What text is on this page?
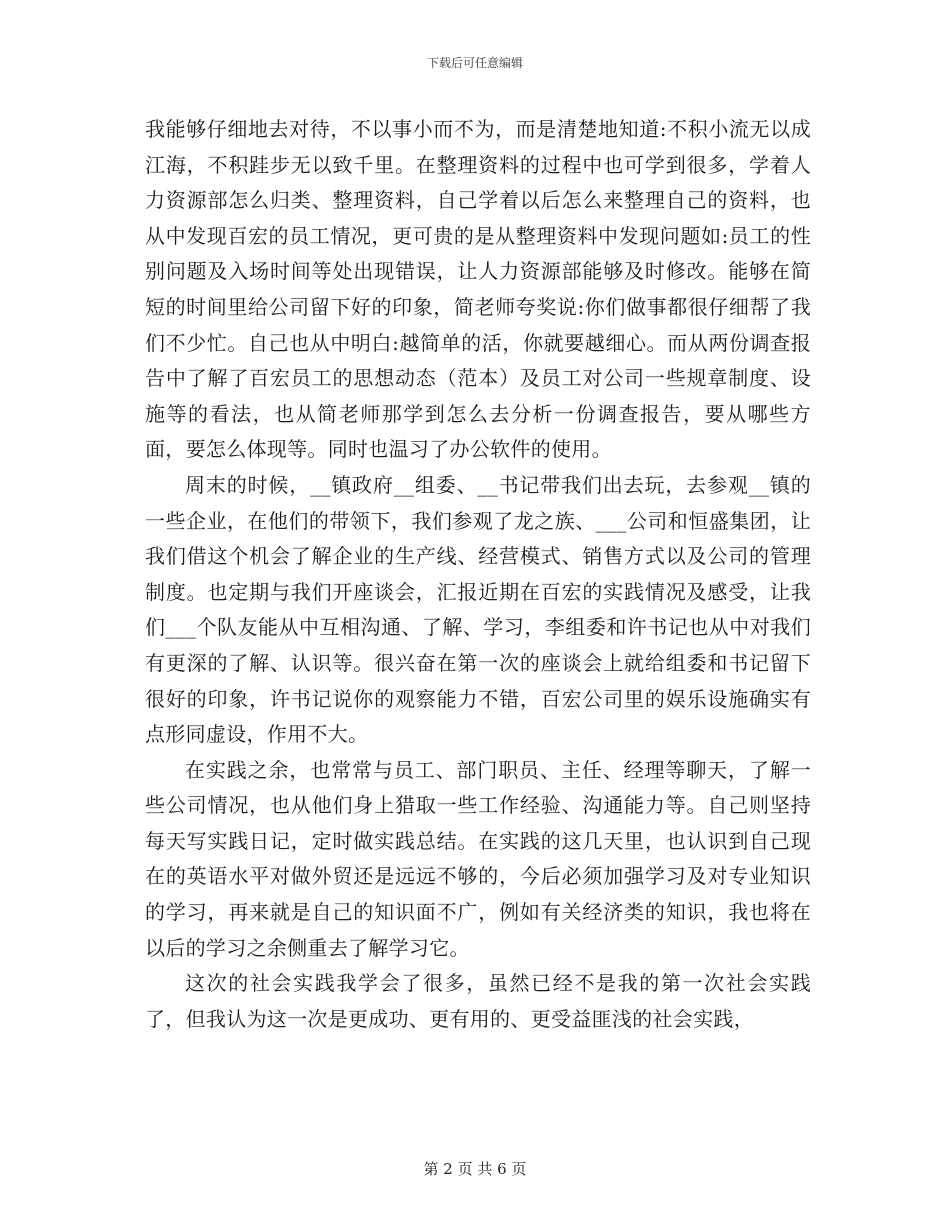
下载后可任意编辑

我能够仔细地去对待，不以事小而不为，而是清楚地知道:不积小流无以成江海，不积跬步无以致千里。在整理资料的过程中也可学到很多，学着人力资源部怎么归类、整理资料，自己学着以后怎么来整理自己的资料，也从中发现百宏的员工情况，更可贵的是从整理资料中发现问题如:员工的性别问题及入场时间等处出现错误，让人力资源部能够及时修改。能够在简短的时间里给公司留下好的印象，简老师夸奖说:你们做事都很仔细帮了我们不少忙。自己也从中明白:越简单的活，你就要越细心。而从两份调查报告中了解了百宏员工的思想动态（范本）及员工对公司一些规章制度、设施等的看法，也从简老师那学到怎么去分析一份调查报告，要从哪些方面，要怎么体现等。同时也温习了办公软件的使用。

周末的时候，__镇政府__组委、__书记带我们出去玩，去参观__镇的一些企业，在他们的带领下，我们参观了龙之族、___公司和恒盛集团，让我们借这个机会了解企业的生产线、经营模式、销售方式以及公司的管理制度。也定期与我们开座谈会，汇报近期在百宏的实践情况及感受，让我们___个队友能从中互相沟通、了解、学习，李组委和许书记也从中对我们有更深的了解、认识等。很兴奋在第一次的座谈会上就给组委和书记留下很好的印象，许书记说你的观察能力不错，百宏公司里的娱乐设施确实有点形同虚设，作用不大。

在实践之余，也常常与员工、部门职员、主任、经理等聊天，了解一些公司情况，也从他们身上猎取一些工作经验、沟通能力等。自己则坚持每天写实践日记，定时做实践总结。在实践的这几天里，也认识到自己现在的英语水平对做外贸还是远远不够的，今后必须加强学习及对专业知识的学习，再来就是自己的知识面不广，例如有关经济类的知识，我也将在以后的学习之余侧重去了解学习它。

这次的社会实践我学会了很多，虽然已经不是我的第一次社会实践了，但我认为这一次是更成功、更有用的、更受益匪浅的社会实践，

第 2 页 共 6 页
